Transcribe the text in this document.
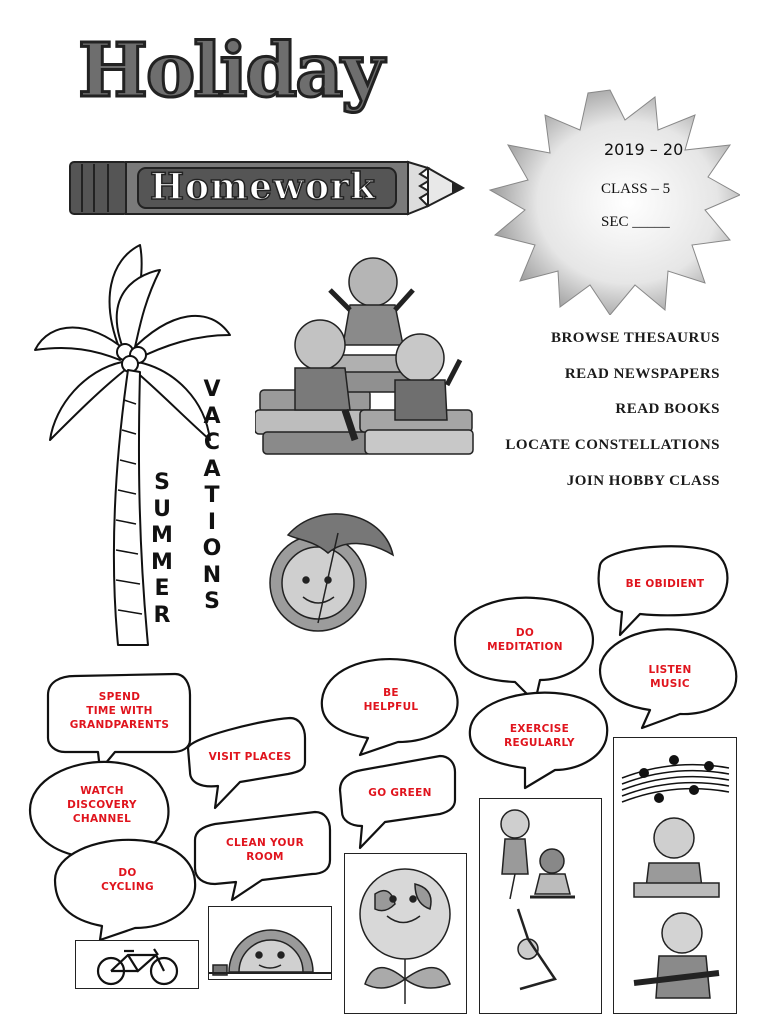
Holiday
Homework
2019 – 20
CLASS – 5
SEC _____
S
U
M
M
E
R
V
A
C
A
T
I
O
N
S
BROWSE THESAURUS
READ NEWSPAPERS
READ BOOKS
LOCATE CONSTELLATIONS
JOIN HOBBY CLASS
BE OBIDIENT
DO
MEDITATION
LISTEN
MUSIC
BE
HELPFUL
EXERCISE
REGULARLY
SPEND
TIME WITH
GRANDPARENTS
VISIT PLACES
GO GREEN
WATCH
DISCOVERY
CHANNEL
CLEAN YOUR
ROOM
DO
CYCLING
